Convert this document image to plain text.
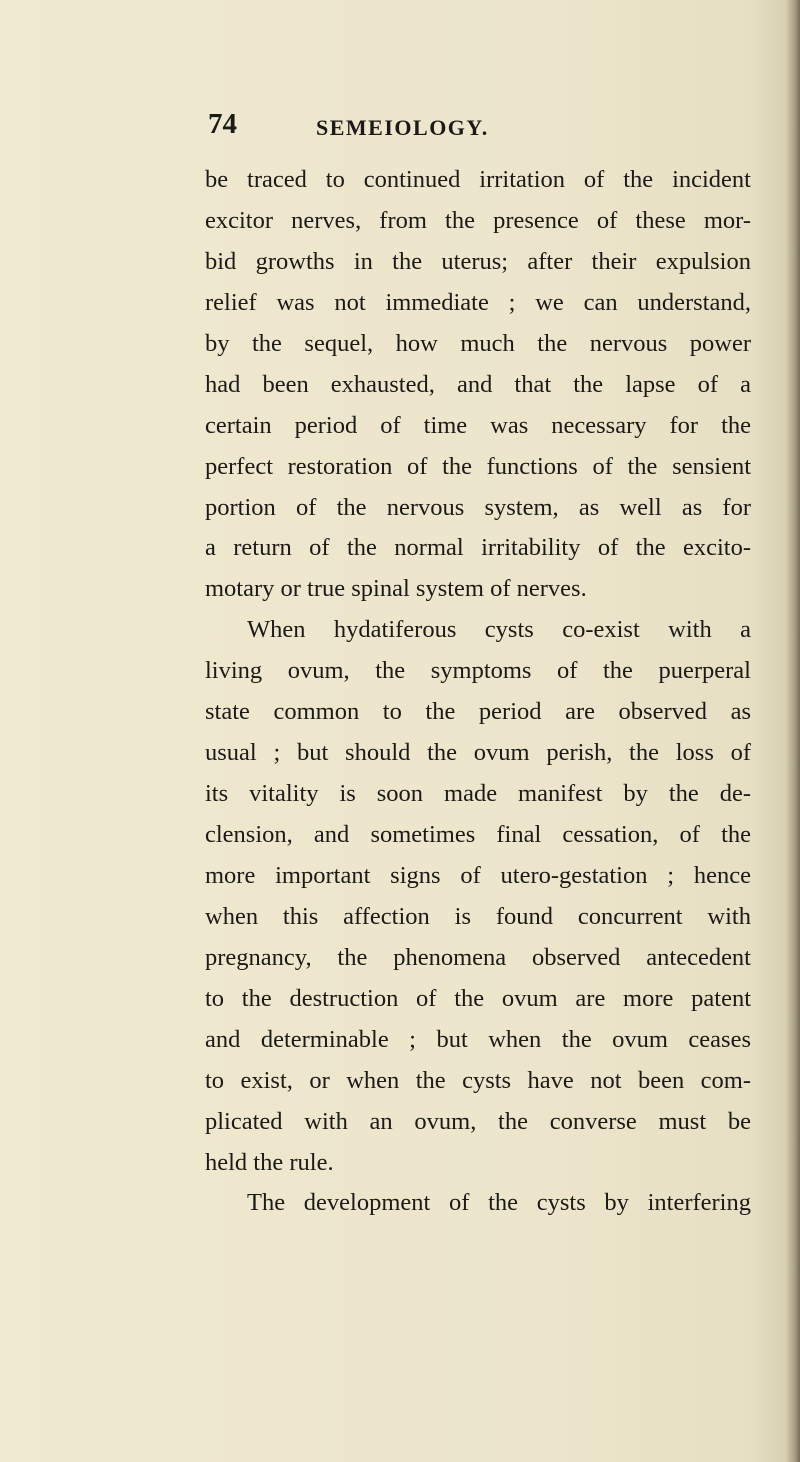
74	SEMEIOLOGY.
be traced to continued irritation of the incident
excitor nerves, from the presence of these mor-
bid growths in the uterus; after their expulsion
relief was not immediate ; we can understand,
by the sequel, how much the nervous power
had been exhausted, and that the lapse of a
certain period of time was necessary for the
perfect restoration of the functions of the sensient
portion of the nervous system, as well as for
a return of the normal irritability of the excito-
motary or true spinal system of nerves.
When hydatiferous cysts co-exist with a
living ovum, the symptoms of the puerperal
state common to the period are observed as
usual ; but should the ovum perish, the loss of
its vitality is soon made manifest by the de-
clension, and sometimes final cessation, of the
more important signs of utero-gestation ; hence
when this affection is found concurrent with
pregnancy, the phenomena observed antecedent
to the destruction of the ovum are more patent
and determinable ; but when the ovum ceases
to exist, or when the cysts have not been com-
plicated with an ovum, the converse must be
held the rule.
The development of the cysts by interfering
